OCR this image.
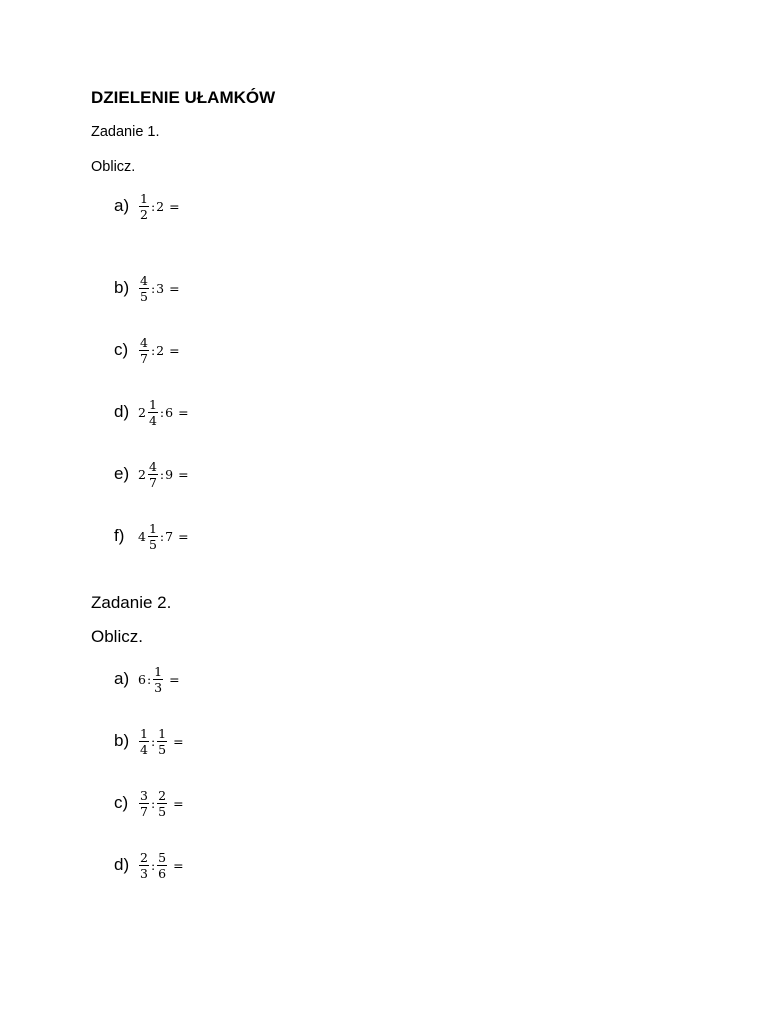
DZIELENIE UŁAMKÓW
Zadanie 1.
Oblicz.
$a) \frac{1}{2}$ : 2 =
$b) \frac{4}{5}$ : 3 =
$c) \frac{4}{7}$ : 2 =
d) $2 \frac{1}{4}$ : 6 =
e) $2 \frac{4}{7}$ : 9 =
f)	$4 \frac{1}{5}$ : 7 =
Zadanie 2.
Oblicz.
a) 6 : $\frac{1}{3}$ =
$b) \frac{1}{4}$ : $\frac{1}{5}$ =
$c) \frac{3}{7}$ : $\frac{2}{5}$ =
$d) \frac{2}{3}$ : $\frac{5}{6}$ =
